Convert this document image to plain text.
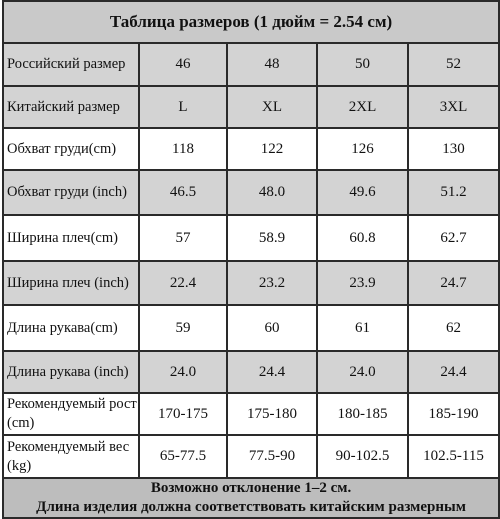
Таблица размеров (1 дюйм = 2.54 см)				
Российский размер	46	48	50	52
Китайский размер	L	XL	2XL	3XL
Обхват груди(cm)	118	122	126	130
Обхват груди (inch)	46.5	48.0	49.6	51.2
Ширина плеч(cm)	57	58.9	60.8	62.7
Ширина плеч (inch)	22.4	23.2	23.9	24.7
Длина рукава(cm)	59	60	61	62
Длина рукава (inch)	24.0	24.4	24.0	24.4
Рекомендуемый рост(cm)	170-175	175-180	180-185	185-190
Рекомендуемый вес (kg)	65-77.5	77.5-90	90-102.5	102.5-115

Возможно отклонение 1–2 см.
Длина изделия должна соответствовать китайским размерным				
